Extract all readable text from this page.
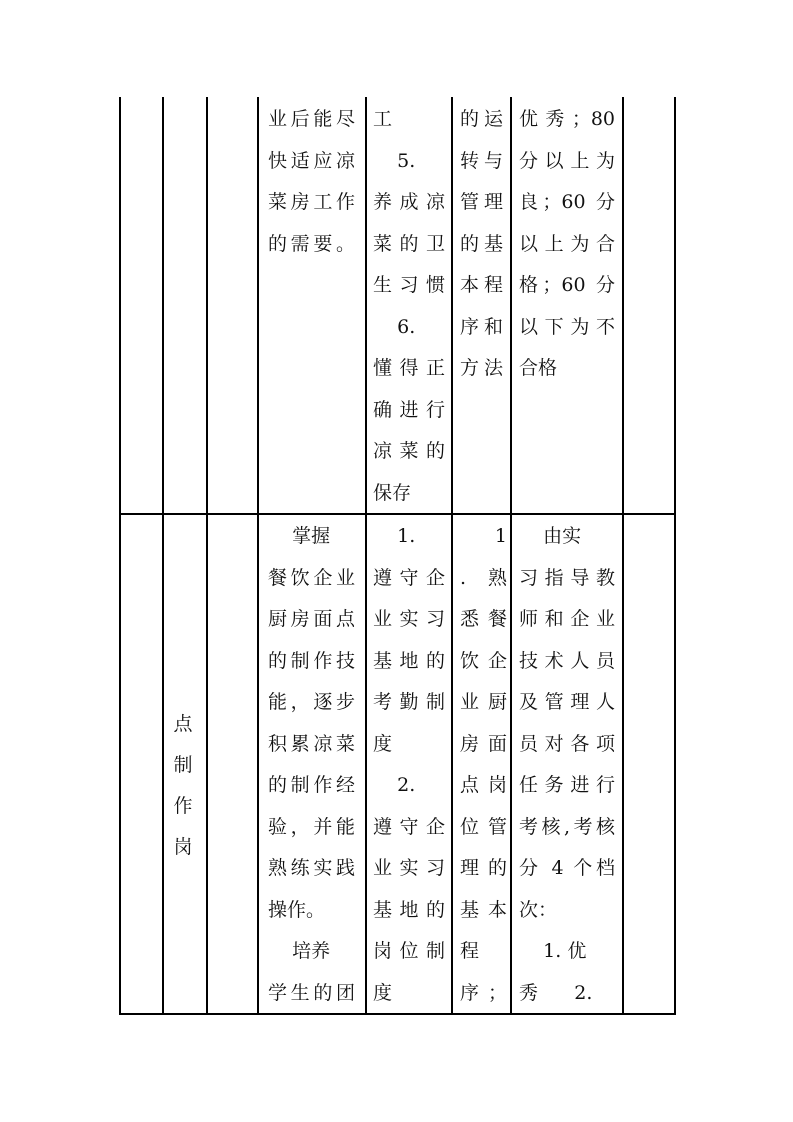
业后能尽
快适应凉
菜房工作
的需要。
工
5.
养成凉
菜的卫
生习惯
6.
懂得正
确进行
凉菜的
保存
的运
转与
管理
的基
本程
序和
方法
优秀；80
分以上为
良；60 分
以上为合
格；60 分
以下为不
合格
点
制
作
岗
掌握
餐饮企业
厨房面点
的制作技
能，逐步
积累凉菜
的制作经
验，并能
熟练实践
操作。
培养
学生的团
1.
遵守企
业实习
基地的
考勤制
度
2.
遵守企
业实习
基地的
岗位制
度
1
. 熟
悉餐
饮企
业厨
房面
点岗
位管
理的
基本
程
序；
由实
习指导教
师和企业
技术人员
及管理人
员对各项
任务进行
考核,考核
分 4 个档
次：
1. 优
秀      2.
